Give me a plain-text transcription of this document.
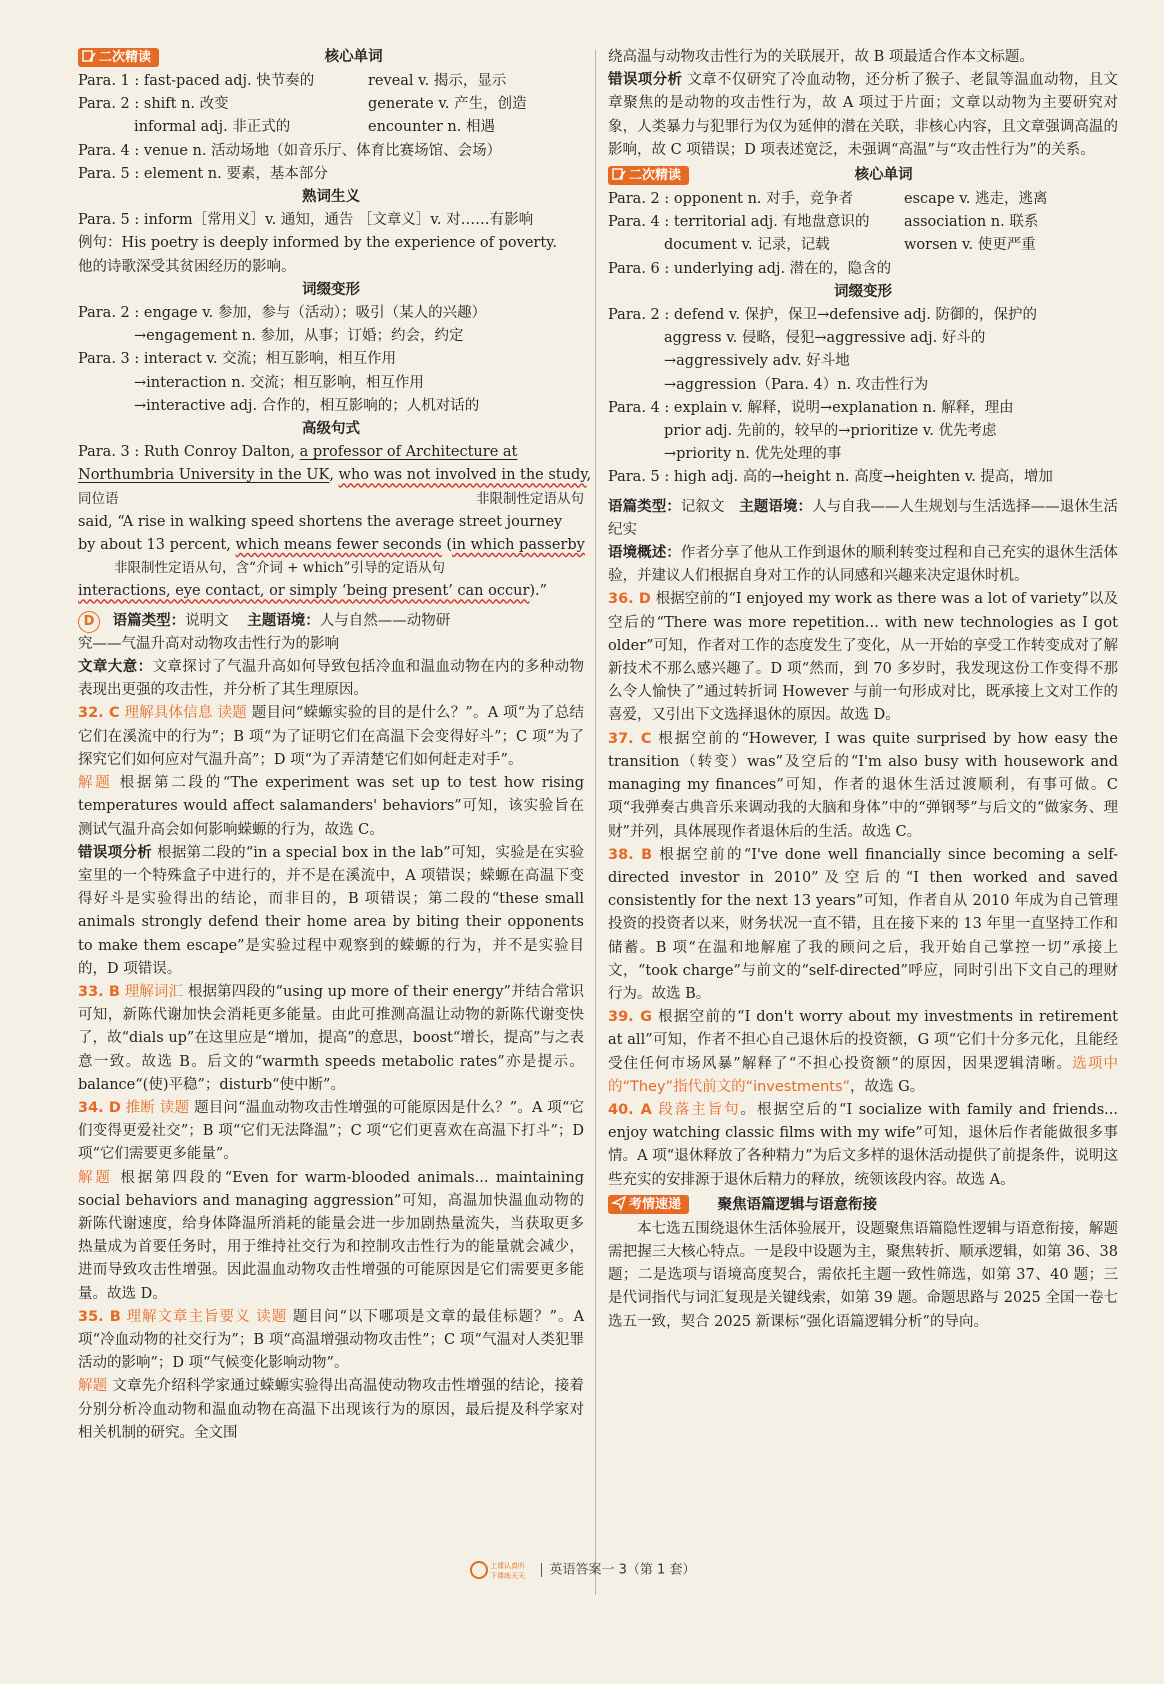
二次精读	核心单词
Para. 1 : fast-paced adj. 快节奏的	reveal v. 揭示，显示
Para. 2 : shift n. 改变	generate v. 产生，创造
informal adj. 非正式的	encounter n. 相遇
Para. 4 : venue n. 活动场地（如音乐厅、体育比赛场馆、会场）
Para. 5 : element n. 要素，基本部分
熟词生义
Para. 5 : inform［常用义］v. 通知，通告 ［文章义］v. 对……有影响
例句：His poetry is deeply informed by the experience of poverty.
他的诗歌深受其贫困经历的影响。
词缀变形
Para. 2 : engage v. 参加，参与（活动）；吸引（某人的兴趣）
→engagement n. 参加，从事；订婚；约会，约定
Para. 3 : interact v. 交流；相互影响，相互作用
→interaction n. 交流；相互影响，相互作用
→interactive adj. 合作的，相互影响的；人机对话的
高级句式
Para. 3 : Ruth Conroy Dalton, a professor of Architecture at
Northumbria University in the UK, who was not involved in the study,
同位语	非限制性定语从句
said, “A rise in walking speed shortens the average street journey
by about 13 percent, which means fewer seconds (in which passerby
非限制性定语从句，含“介词 + which”引导的定语从句
interactions, eye contact, or simply ‘being present’ can occur).”
D 语篇类型：说明文 主题语境：人与自然——动物研
究——气温升高对动物攻击性行为的影响
文章大意：文章探讨了气温升高如何导致包括冷血和温血动物在内的多种动物表现出更强的攻击性，并分析了其生理原因。
32. C 理解具体信息 读题 题目问“蝾螈实验的目的是什么？”。A 项“为了总结它们在溪流中的行为”；B 项“为了证明它们在高温下会变得好斗”；C 项“为了探究它们如何应对气温升高”；D 项“为了弄清楚它们如何赶走对手”。
解题 根据第二段的“The experiment was set up to test how rising temperatures would affect salamanders' behaviors”可知，该实验旨在测试气温升高会如何影响蝾螈的行为，故选 C。
错误项分析 根据第二段的“in a special box in the lab”可知，实验是在实验室里的一个特殊盒子中进行的，并不是在溪流中，A 项错误；蝾螈在高温下变得好斗是实验得出的结论，而非目的，B 项错误；第二段的“these small animals strongly defend their home area by biting their opponents to make them escape”是实验过程中观察到的蝾螈的行为，并不是实验目的，D 项错误。
33. B 理解词汇 根据第四段的“using up more of their energy”并结合常识可知，新陈代谢加快会消耗更多能量。由此可推测高温让动物的新陈代谢变快了，故“dials up”在这里应是“增加，提高”的意思，boost“增长，提高”与之表意一致。故选 B。后文的“warmth speeds metabolic rates”亦是提示。balance“(使)平稳”；disturb“使中断”。
34. D 推断 读题 题目问“温血动物攻击性增强的可能原因是什么？”。A 项“它们变得更爱社交”；B 项“它们无法降温”；C 项“它们更喜欢在高温下打斗”；D 项“它们需要更多能量”。
解题 根据第四段的“Even for warm-blooded animals... maintaining social behaviors and managing aggression”可知，高温加快温血动物的新陈代谢速度，给身体降温所消耗的能量会进一步加剧热量流失，当获取更多热量成为首要任务时，用于维持社交行为和控制攻击性行为的能量就会减少，进而导致攻击性增强。因此温血动物攻击性增强的可能原因是它们需要更多能量。故选 D。
35. B 理解文章主旨要义 读题 题目问“以下哪项是文章的最佳标题？”。A 项“冷血动物的社交行为”；B 项“高温增强动物攻击性”；C 项“气温对人类犯罪活动的影响”；D 项“气候变化影响动物”。
解题 文章先介绍科学家通过蝾螈实验得出高温使动物攻击性增强的结论，接着分别分析冷血动物和温血动物在高温下出现该行为的原因，最后提及科学家对相关机制的研究。全文围
绕高温与动物攻击性行为的关联展开，故 B 项最适合作本文标题。
错误项分析 文章不仅研究了冷血动物，还分析了猴子、老鼠等温血动物，且文章聚焦的是动物的攻击性行为，故 A 项过于片面；文章以动物为主要研究对象，人类暴力与犯罪行为仅为延伸的潜在关联，非核心内容，且文章强调高温的影响，故 C 项错误；D 项表述宽泛，未强调“高温”与“攻击性行为”的关系。
二次精读	核心单词
Para. 2 : opponent n. 对手，竞争者	escape v. 逃走，逃离
Para. 4 : territorial adj. 有地盘意识的	association n. 联系
document v. 记录，记载	worsen v. 使更严重
Para. 6 : underlying adj. 潜在的，隐含的
词缀变形
Para. 2 : defend v. 保护，保卫→defensive adj. 防御的，保护的
aggress v. 侵略，侵犯→aggressive adj. 好斗的
→aggressively adv. 好斗地
→aggression（Para. 4）n. 攻击性行为
Para. 4 : explain v. 解释，说明→explanation n. 解释，理由
prior adj. 先前的，较早的→prioritize v. 优先考虑
→priority n. 优先处理的事
Para. 5 : high adj. 高的→height n. 高度→heighten v. 提高，增加
语篇类型：记叙文　 主题语境：人与自我——人生规划与生活选择——退休生活纪实
语境概述：作者分享了他从工作到退休的顺利转变过程和自己充实的退休生活体验，并建议人们根据自身对工作的认同感和兴趣来决定退休时机。
36. D 根据空前的“I enjoyed my work as there was a lot of variety”以及空后的“There was more repetition... with new technologies as I got older”可知，作者对工作的态度发生了变化，从一开始的享受工作转变成对了解新技术不那么感兴趣了。D 项“然而，到 70 多岁时，我发现这份工作变得不那么令人愉快了”通过转折词 However 与前一句形成对比，既承接上文对工作的喜爱，又引出下文选择退休的原因。故选 D。
37. C 根据空前的“However, I was quite surprised by how easy the transition（转变）was”及空后的“I'm also busy with housework and managing my finances”可知，作者的退休生活过渡顺利，有事可做。C 项“我弹奏古典音乐来调动我的大脑和身体”中的“弹钢琴”与后文的“做家务、理财”并列，具体展现作者退休后的生活。故选 C。
38. B 根据空前的“I've done well financially since becoming a self-directed investor in 2010”及空后的“I then worked and saved consistently for the next 13 years”可知，作者自从 2010 年成为自己管理投资的投资者以来，财务状况一直不错，且在接下来的 13 年里一直坚持工作和储蓄。B 项“在温和地解雇了我的顾问之后，我开始自己掌控一切”承接上文，“took charge”与前文的“self-directed”呼应，同时引出下文自己的理财行为。故选 B。
39. G 根据空前的“I don't worry about my investments in retirement at all”可知，作者不担心自己退休后的投资额，G 项“它们十分多元化，且能经受住任何市场风暴”解释了“不担心投资额”的原因，因果逻辑清晰。选项中的“They”指代前文的“investments”，故选 G。
40. A 段落主旨句。根据空后的“I socialize with family and friends... enjoy watching classic films with my wife”可知，退休后作者能做很多事情。A 项“退休释放了各种精力”为后文多样的退休活动提供了前提条件，说明这些充实的安排源于退休后精力的释放，统领该段内容。故选 A。
考情速递	聚焦语篇逻辑与语意衔接
本七选五围绕退休生活体验展开，设题聚焦语篇隐性逻辑与语意衔接，解题需把握三大核心特点。一是段中设题为主，聚焦转折、顺承逻辑，如第 36、38 题；二是选项与语境高度契合，需依托主题一致性筛选，如第 37、40 题；三是代词指代与词汇复现是关键线索，如第 39 题。命题思路与 2025 全国一卷七选五一致，契合 2025 新课标“强化语篇逻辑分析”的导向。
上课认真听
下课练天天 英语答案一 3（第 1 套）
